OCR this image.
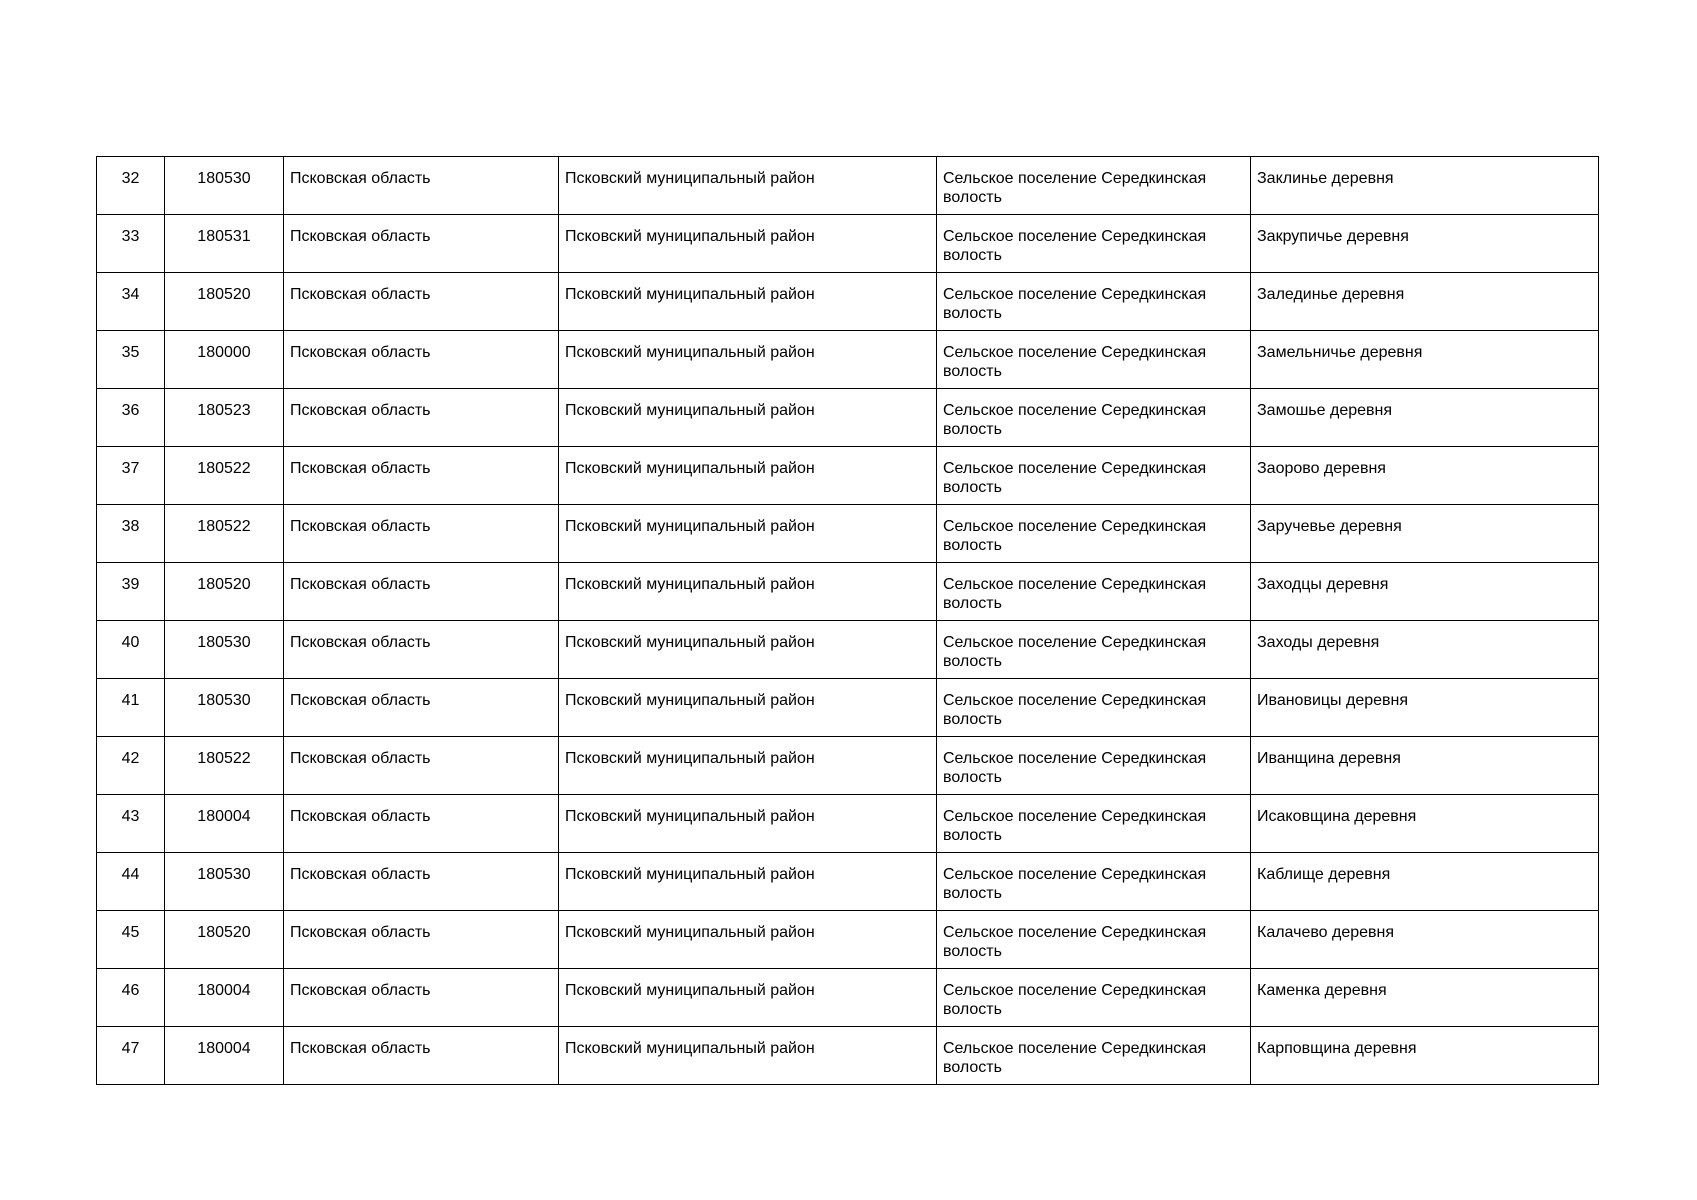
32	180530	Псковская область	Псковский муниципальный район	Сельское поселение Середкинская волость	Заклинье деревня
33	180531	Псковская область	Псковский муниципальный район	Сельское поселение Середкинская волость	Закрупичье деревня
34	180520	Псковская область	Псковский муниципальный район	Сельское поселение Середкинская волость	Залединье деревня
35	180000	Псковская область	Псковский муниципальный район	Сельское поселение Середкинская волость	Замельничье деревня
36	180523	Псковская область	Псковский муниципальный район	Сельское поселение Середкинская волость	Замошье деревня
37	180522	Псковская область	Псковский муниципальный район	Сельское поселение Середкинская волость	Заорово деревня
38	180522	Псковская область	Псковский муниципальный район	Сельское поселение Середкинская волость	Заручевье деревня
39	180520	Псковская область	Псковский муниципальный район	Сельское поселение Середкинская волость	Заходцы деревня
40	180530	Псковская область	Псковский муниципальный район	Сельское поселение Середкинская волость	Заходы деревня
41	180530	Псковская область	Псковский муниципальный район	Сельское поселение Середкинская волость	Ивановицы деревня
42	180522	Псковская область	Псковский муниципальный район	Сельское поселение Середкинская волость	Иванщина деревня
43	180004	Псковская область	Псковский муниципальный район	Сельское поселение Середкинская волость	Исаковщина деревня
44	180530	Псковская область	Псковский муниципальный район	Сельское поселение Середкинская волость	Каблище деревня
45	180520	Псковская область	Псковский муниципальный район	Сельское поселение Середкинская волость	Калачево деревня
46	180004	Псковская область	Псковский муниципальный район	Сельское поселение Середкинская волость	Каменка деревня
47	180004	Псковская область	Псковский муниципальный район	Сельское поселение Середкинская волость	Карповщина деревня
